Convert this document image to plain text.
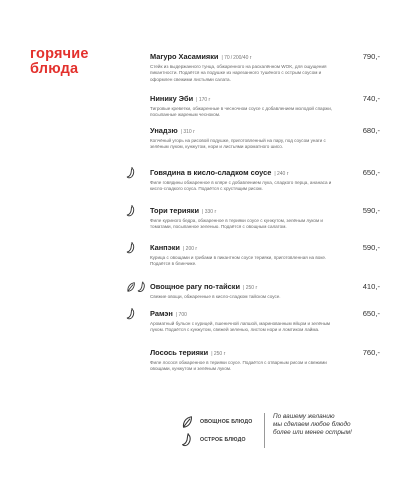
горячие
блюда
Магуро Хасамияки | 70 / 200/40 г	790,-
Стейк из выдержанного тунца, обжаренного на раскалённом WOK, для ощущения пикантности. Подаётся на подушке из нарезанного тушёного с острым соусом и оформлен свежими листьями салата.
Нинику Эби | 170 г	740,-
Тигровые креветки, обжаренные в чесночном соусе с добавлением молодой спаржи, посыпанные жареным чесноком.
Унадзю | 310 г	680,-
Копчёный угорь на рисовой подушке, приготовленный на пару, под соусом унаги с зелёным луком, кунжутом, нори и листьями ароматного шисо.
Говядина в кисло-сладком соусе | 240 г	650,-
Филе говядины обжаренное в кляре с добавлением лука, сладкого перца, ананаса и кисло-сладкого соуса. Подаётся с хрустящим рисом.
Тори терияки | 330 г	590,-
Филе куриного бедра, обжаренное в терияки соусе с кунжутом, зелёным луком и томатами, посыпанное зеленью. Подаётся с овощным салатом.
Канпэки | 200 г	590,-
Курица с овощами и грибами в пикантном соусе терияки, приготовленная на воке. Подаётся в блинчике.
Овощное рагу по-тайски | 250 г	410,-
Свежие овощи, обжаренные в кисло-сладком тайском соусе.
Рамэн | 700	650,-
Ароматный бульон с курицей, пшеничной лапшой, маринованным яйцом и зелёным луком. Подаётся с кунжутом, свежей зеленью, листом нори и ломтиком лайма.
Лосось терияки | 250 г	760,-
Филе лосося обжаренное в терияки соусе. Подаётся с отварным рисом и свежими овощами, кунжутом и зелёным луком.
ОВОЩНОЕ БЛЮДО
ОСТРОЕ БЛЮДО
По вашему желанию
мы сделаем любое блюдо
более или менее острым!
